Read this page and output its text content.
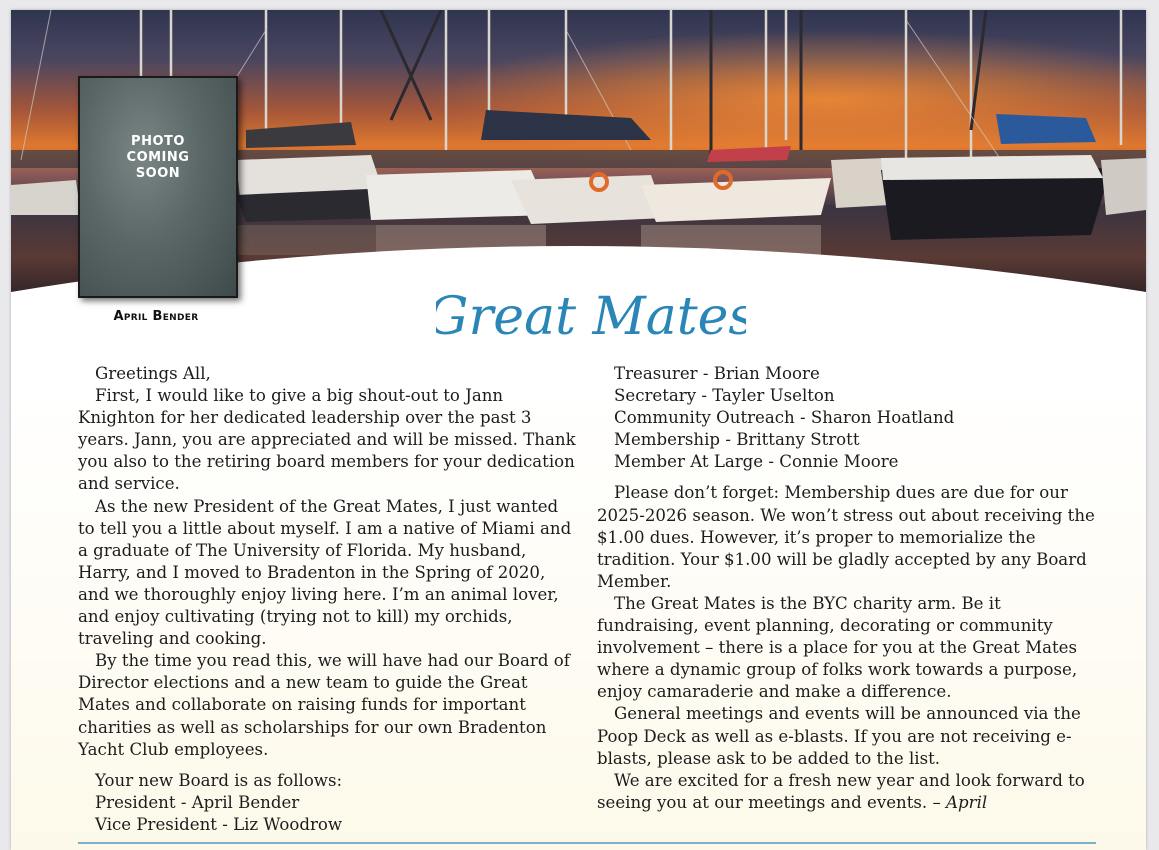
PHOTO
COMING
SOON
April Bender	Great Mates

Greetings All,

First, I would like to give a big shout-out to Jann Knighton for her dedicated leadership over the past 3 years. Jann, you are appreciated and will be missed. Thank you also to the retiring board members for your dedication and service.

As the new President of the Great Mates, I just wanted to tell you a little about myself. I am a native of Miami and a graduate of The University of Florida. My husband, Harry, and I moved to Bradenton in the Spring of 2020, and we thoroughly enjoy living here. I’m an animal lover, and enjoy cultivating (trying not to kill) my orchids, traveling and cooking.

By the time you read this, we will have had our Board of Director elections and a new team to guide the Great Mates and collaborate on raising funds for important charities as well as scholarships for our own Bradenton Yacht Club employees.

Your new Board is as follows:

President - April Bender
Vice President - Liz Woodrow
Treasurer - Brian Moore
Secretary - Tayler Uselton
Community Outreach - Sharon Hoatland
Membership - Brittany Strott
Member At Large - Connie Moore

Please don’t forget: Membership dues are due for our 2025-2026 season. We won’t stress out about receiving the $1.00 dues. However, it’s proper to memorialize the tradition. Your $1.00 will be gladly accepted by any Board Member.

The Great Mates is the BYC charity arm. Be it fundraising, event planning, decorating or community involvement – there is a place for you at the Great Mates where a dynamic group of folks work towards a purpose, enjoy camaraderie and make a difference.

General meetings and events will be announced via the Poop Deck as well as e-blasts. If you are not receiving e-blasts, please ask to be added to the list.

We are excited for a fresh new year and look forward to seeing you at our meetings and events. – April
